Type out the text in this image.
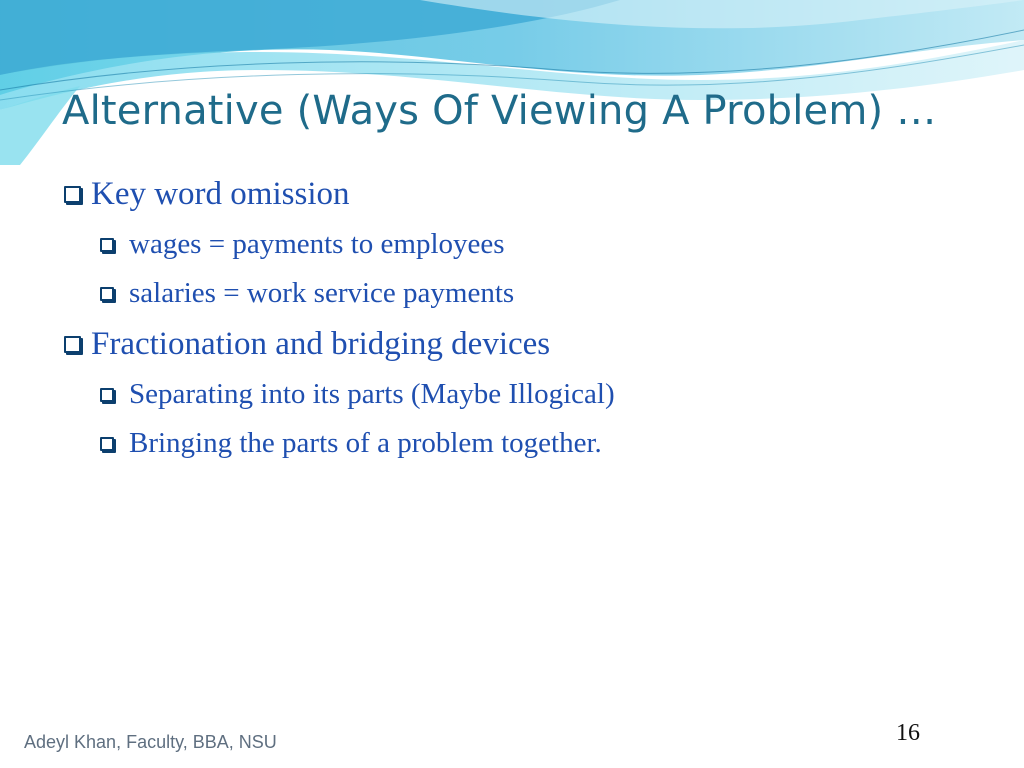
Alternative (Ways Of Viewing A Problem) …
Key word omission
wages = payments to employees
salaries = work service payments
Fractionation and bridging devices
Separating into its parts (Maybe Illogical)
Bringing the parts of a problem together.
Adeyl Khan, Faculty, BBA, NSU	16
